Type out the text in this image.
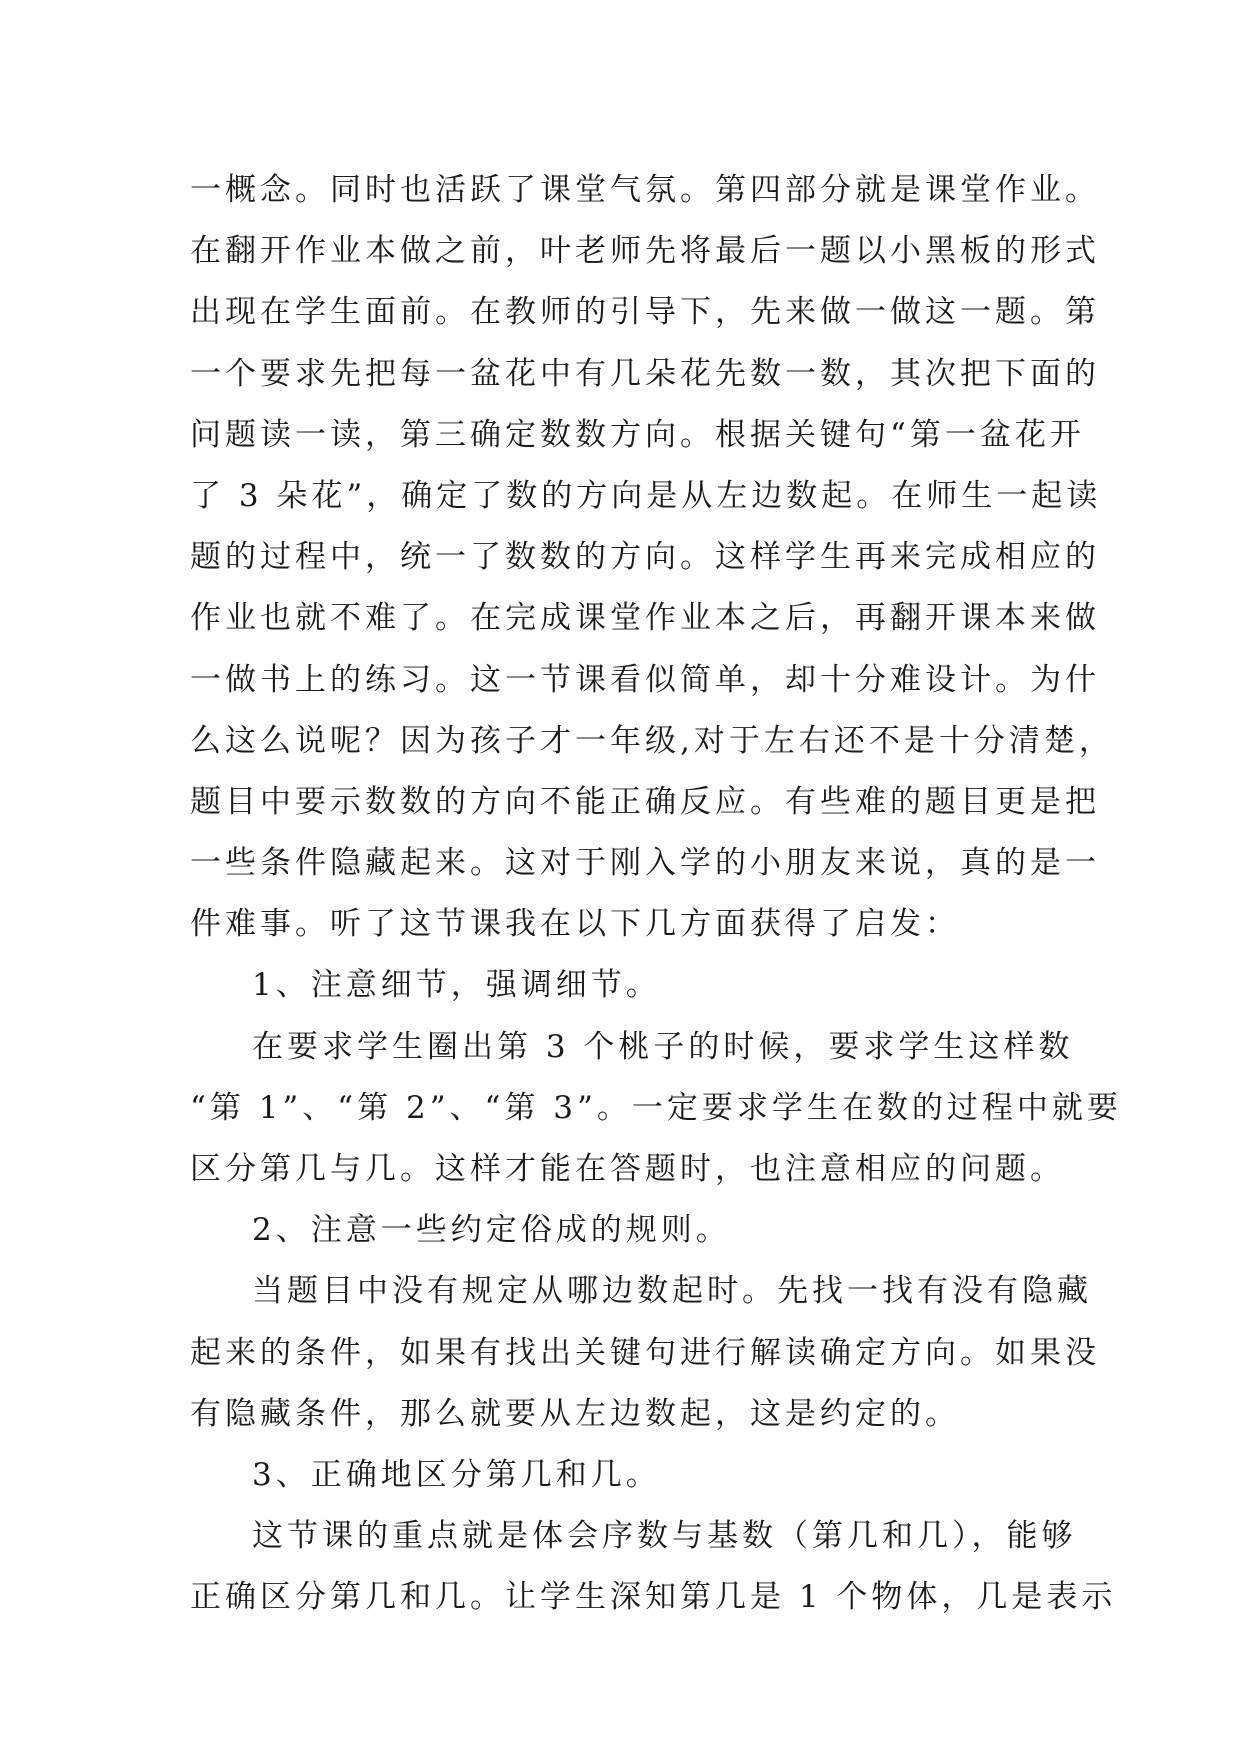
一概念。同时也活跃了课堂气氛。第四部分就是课堂作业。
在翻开作业本做之前，叶老师先将最后一题以小黑板的形式
出现在学生面前。在教师的引导下，先来做一做这一题。第
一个要求先把每一盆花中有几朵花先数一数，其次把下面的
问题读一读，第三确定数数方向。根据关键句“第一盆花开
了 3 朵花”，确定了数的方向是从左边数起。在师生一起读
题的过程中，统一了数数的方向。这样学生再来完成相应的
作业也就不难了。在完成课堂作业本之后，再翻开课本来做
一做书上的练习。这一节课看似简单，却十分难设计。为什
么这么说呢？因为孩子才一年级,对于左右还不是十分清楚，
题目中要示数数的方向不能正确反应。有些难的题目更是把
一些条件隐藏起来。这对于刚入学的小朋友来说，真的是一
件难事。听了这节课我在以下几方面获得了启发：
1、注意细节，强调细节。
在要求学生圈出第 3 个桃子的时候，要求学生这样数
“第 1”、“第 2”、“第 3”。一定要求学生在数的过程中就要
区分第几与几。这样才能在答题时，也注意相应的问题。
2、注意一些约定俗成的规则。
当题目中没有规定从哪边数起时。先找一找有没有隐藏
起来的条件，如果有找出关键句进行解读确定方向。如果没
有隐藏条件，那么就要从左边数起，这是约定的。
3、正确地区分第几和几。
这节课的重点就是体会序数与基数（第几和几），能够
正确区分第几和几。让学生深知第几是 1 个物体，几是表示
